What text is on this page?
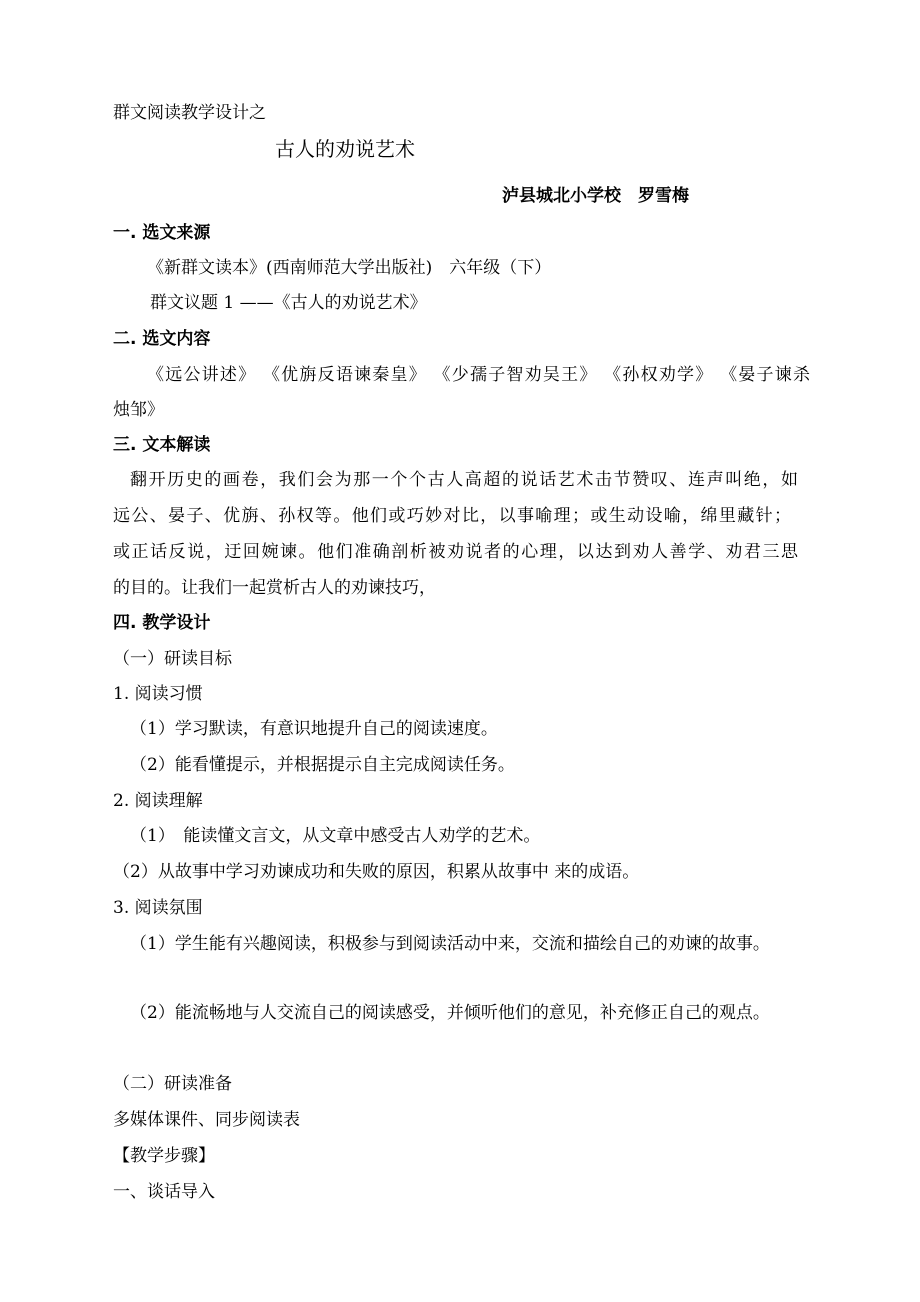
群文阅读教学设计之
古人的劝说艺术
泸县城北小学校　罗雪梅
一. 选文来源
《新群文读本》(西南师范大学出版社)　六年级（下）
群文议题 1 ——《古人的劝说艺术》
二. 选文内容
《远公讲述》 《优旃反语谏秦皇》 《少孺子智劝吴王》 《孙权劝学》 《晏子谏杀
烛邹》
三. 文本解读
翻开历史的画卷，我们会为那一个个古人高超的说话艺术击节赞叹、连声叫绝，如
远公、晏子、优旃、孙权等。他们或巧妙对比，以事喻理；或生动设喻，绵里藏针；
或正话反说，迂回婉谏。他们准确剖析被劝说者的心理，以达到劝人善学、劝君三思
的目的。让我们一起赏析古人的劝谏技巧，
四. 教学设计
（一）研读目标
1. 阅读习惯
（1）学习默读，有意识地提升自己的阅读速度。
（2）能看懂提示，并根据提示自主完成阅读任务。
2. 阅读理解
（1）　能读懂文言文，从文章中感受古人劝学的艺术。
（2）从故事中学习劝谏成功和失败的原因，积累从故事中 来的成语。
3. 阅读氛围
（1）学生能有兴趣阅读，积极参与到阅读活动中来，交流和描绘自己的劝谏的故事。
（2）能流畅地与人交流自己的阅读感受，并倾听他们的意见，补充修正自己的观点。
（二）研读准备
多媒体课件、同步阅读表
【教学步骤】
一、谈话导入
